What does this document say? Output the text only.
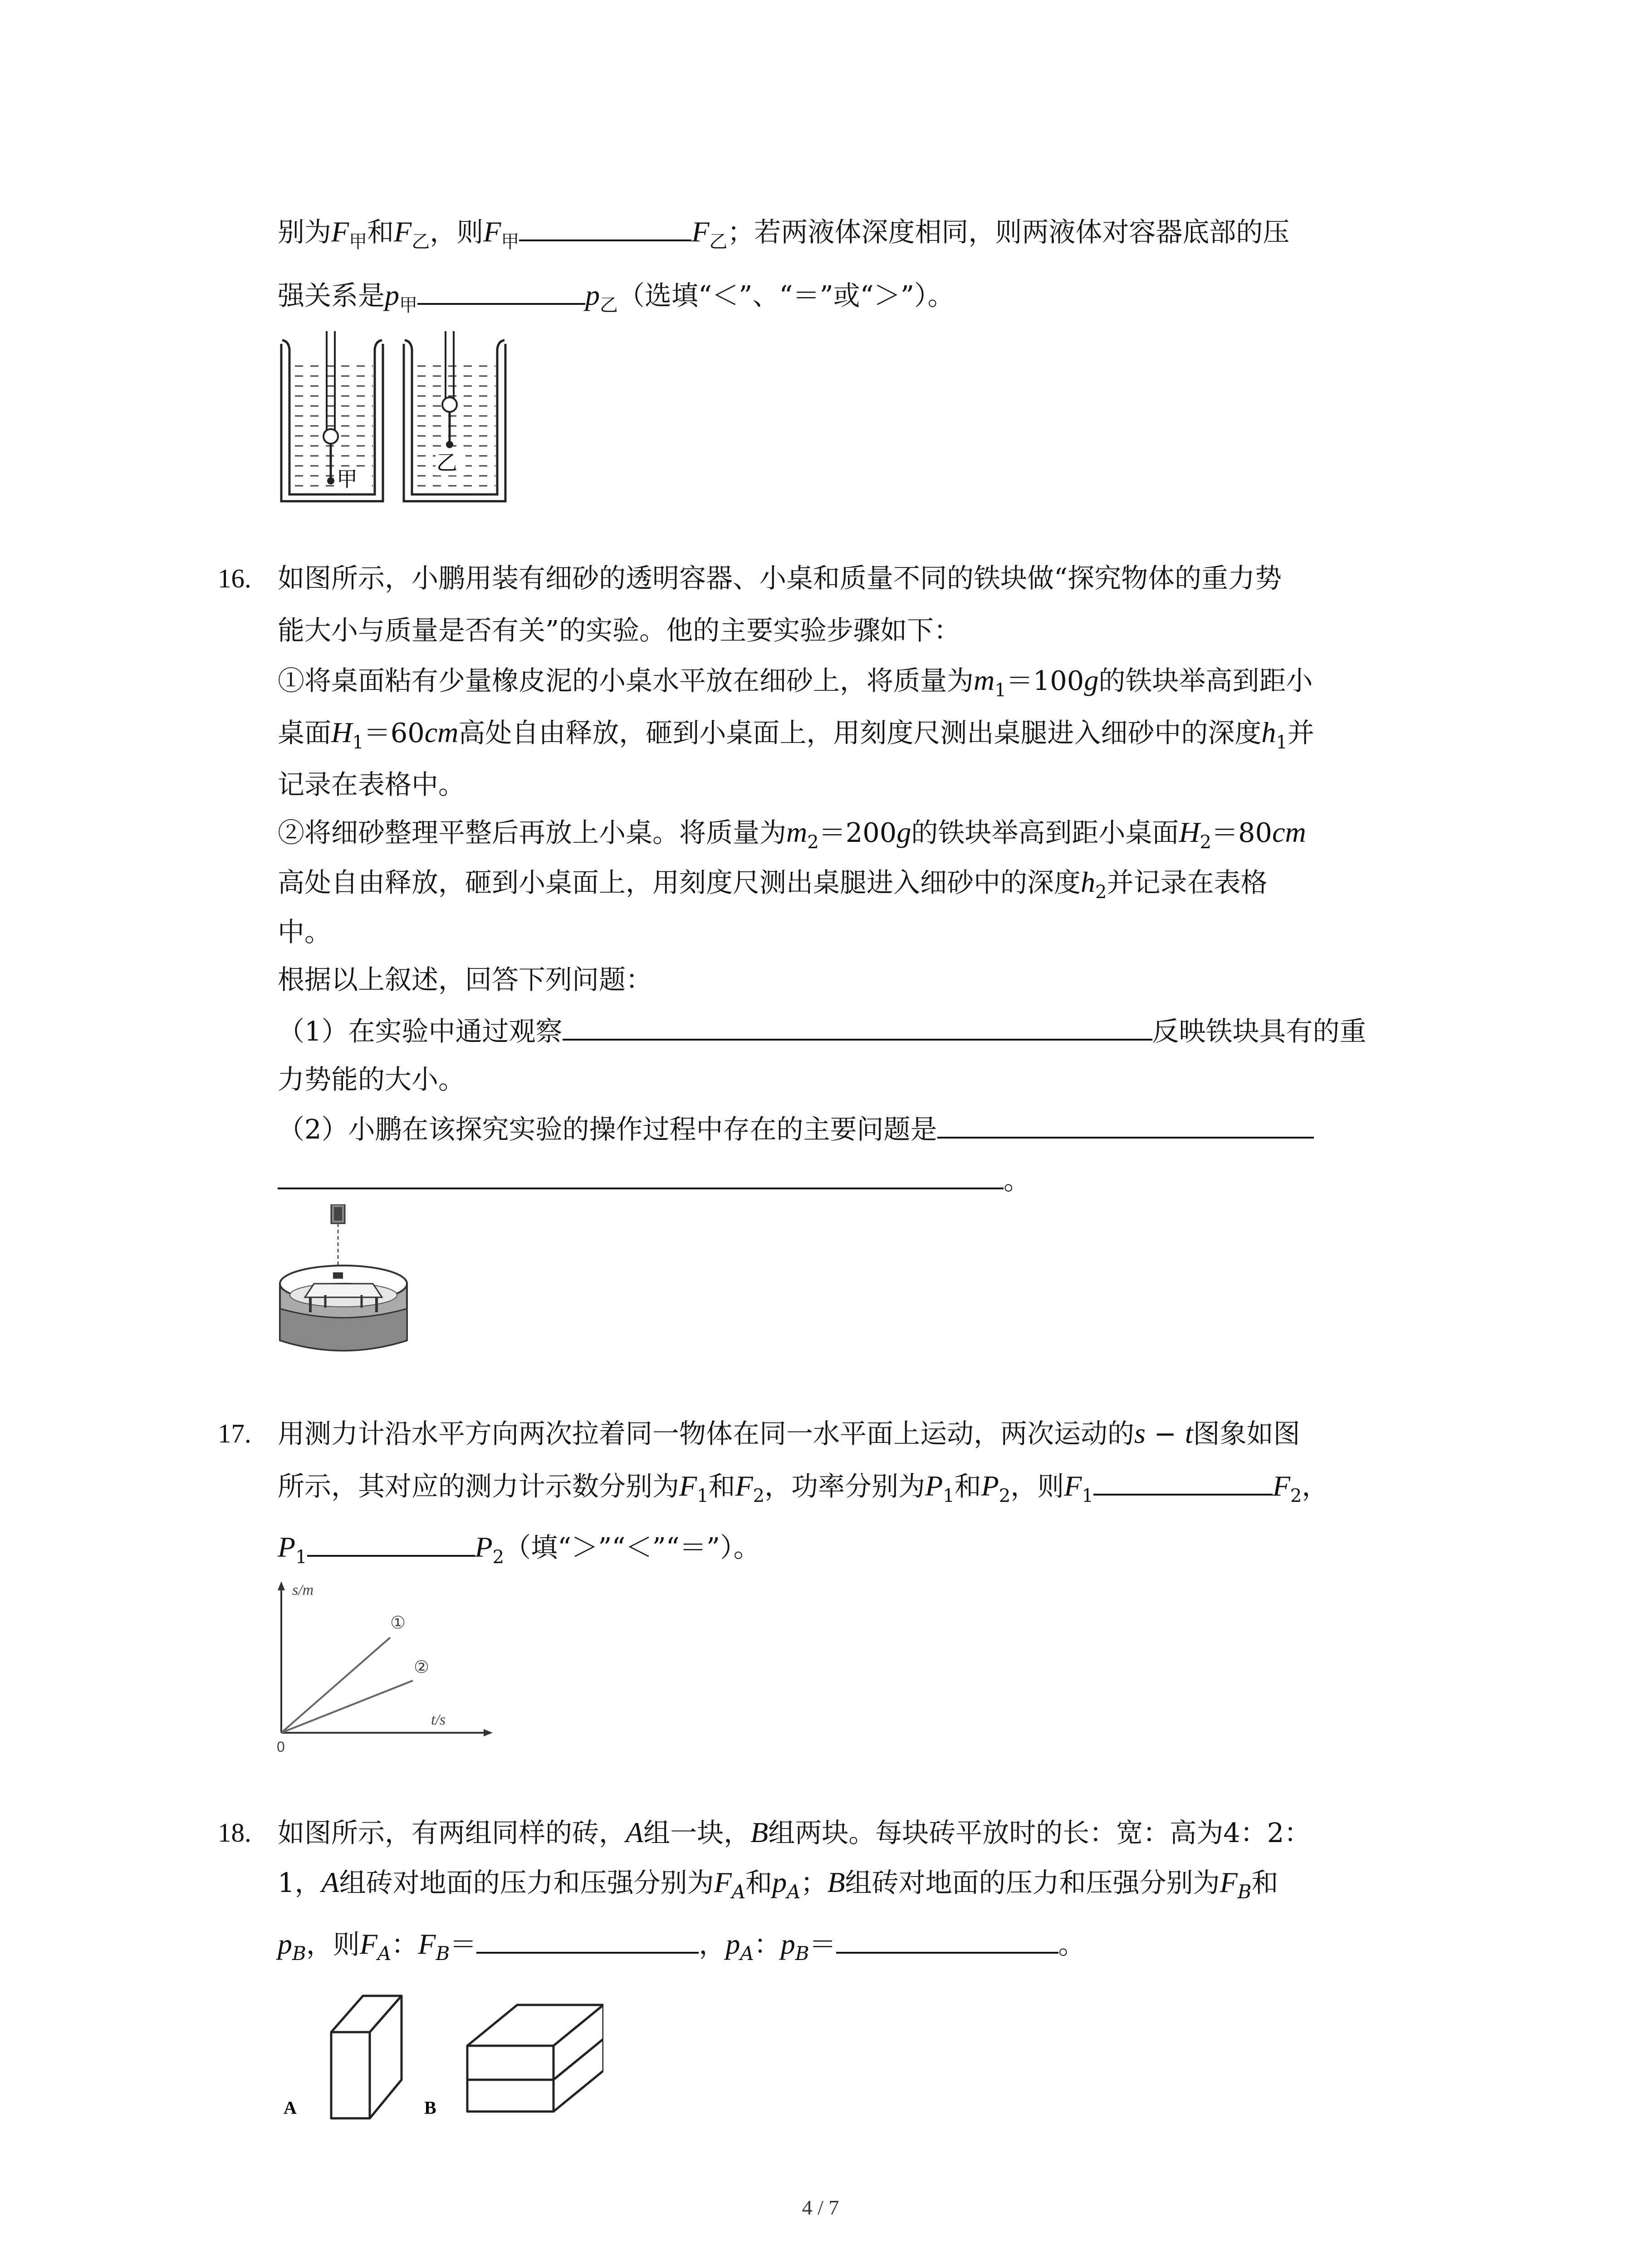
别为$F_甲$和$F_乙$，则$F_甲$	$F_乙$；若两液体深度相同，则两液体对容器底部的压
强关系是$p_甲$	$p_乙$（选填“＜”、“＝”或“＞”）。
甲
乙
16. 如图所示，小鹏用装有细砂的透明容器、小桌和质量不同的铁块做“探究物体的重力势
能大小与质量是否有关”的实验。他的主要实验步骤如下：
①将桌面粘有少量橡皮泥的小桌水平放在细砂上，将质量为$m_1=100g$的铁块举高到距小
桌面$H_1=60cm$高处自由释放，砸到小桌面上，用刻度尺测出桌腿进入细砂中的深度$h_1$并
记录在表格中。
②将细砂整理平整后再放上小桌。将质量为$m_2=200g$的铁块举高到距小桌面$H_2=80cm$
高处自由释放，砸到小桌面上，用刻度尺测出桌腿进入细砂中的深度$h_2$并记录在表格
中。
根据以上叙述，回答下列问题：
（1）在实验中通过观察	反映铁块具有的重
力势能的大小。
（2）小鹏在该探究实验的操作过程中存在的主要问题是
。
17. 用测力计沿水平方向两次拉着同一物体在同一水平面上运动，两次运动的s − t图象如图
所示，其对应的测力计示数分别为$F_1$和$F_2$，功率分别为$P_1$和$P_2$，则$F_1$	$F_2$，
$P_1$	$P_2$（填“＞”“＜”“＝”）。
s/m
t/s
0
①
②
18. 如图所示，有两组同样的砖，A组一块，B组两块。每块砖平放时的长：宽：高为4：2：
1，A组砖对地面的压力和压强分别为$F_A$和$p_A$；B组砖对地面的压力和压强分别为$F_B$和
$p_B$，则$F_A$：$F_B=$	，$p_A$：$p_B=$	。
A	B
4 / 7
